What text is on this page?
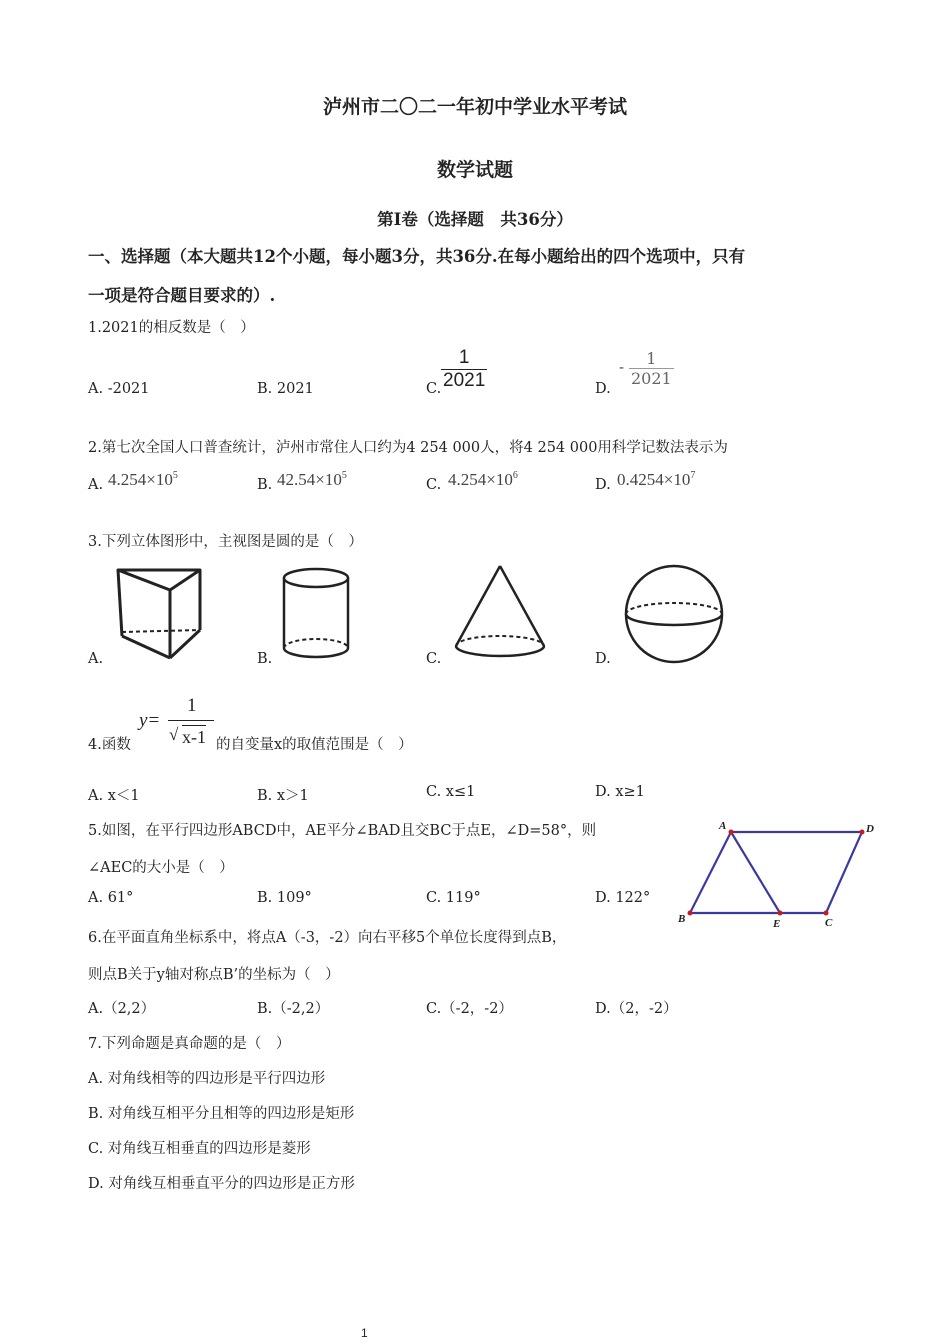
泸州市二〇二一年初中学业水平考试
数学试题
第Ⅰ卷（选择题　共36分）
一、选择题（本大题共12个小题，每小题3分，共36分.在每小题给出的四个选项中，只有
一项是符合题目要求的）.
1.2021的相反数是（　）
A. -2021	B. 2021	C. $\frac{1}{2021}$	D.
- $\frac{1}{2021}$
2.第七次全国人口普查统计，泸州市常住人口约为4 254 000人，将4 254 000用科学记数法表示为
A. $4.254\times 10^5$
B. $42.54\times 10^5$
C. $4.254\times 10^6$
D. $0.4254\times 10^7$
3.下列立体图形中，主视图是圆的是（　）
A.	B.	C.	D.
4.函数
y=
1
√ x-1 的自变量x的取值范围是（　）
A. x＜1	B. x＞1	C. x≤1	D. x≥1
5.如图，在平行四边形ABCD中，AE平分∠BAD且交BC于点E，∠D=58°，则
∠AEC的大小是（　）
A. 61°	B. 109°	C. 119°	D. 122°
A	D
B	E	C
6.在平面直角坐标系中，将点A（-3，-2）向右平移5个单位长度得到点B，
则点B关于y轴对称点B’的坐标为（　）
A.（2,2）	B.（-2,2）	C.（-2，-2）	D.（2，-2）
7.下列命题是真命题的是（　）
A. 对角线相等的四边形是平行四边形
B. 对角线互相平分且相等的四边形是矩形
C. 对角线互相垂直的四边形是菱形
D. 对角线互相垂直平分的四边形是正方形
1
